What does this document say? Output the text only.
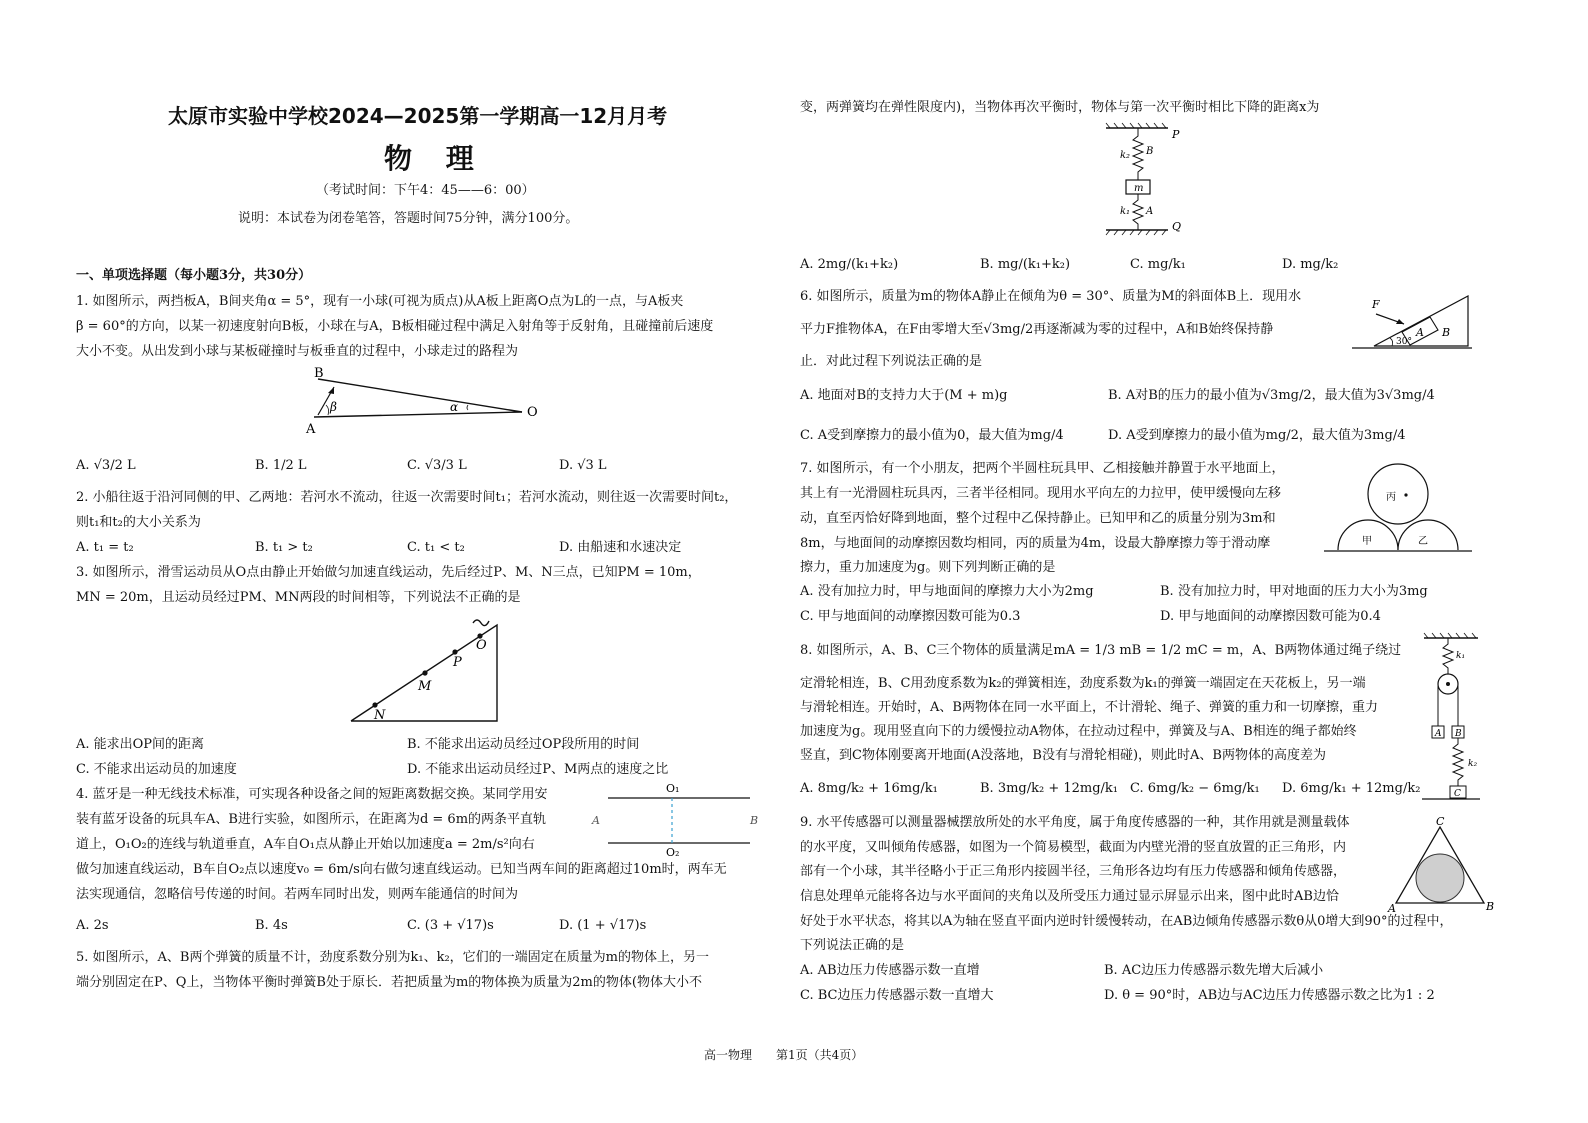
太原市实验中学校2024—2025第一学期高一12月月考
物 理
（考试时间：下午4：45——6：00）
说明：本试卷为闭卷笔答，答题时间75分钟，满分100分。
一、单项选择题（每小题3分，共30分）
1. 如图所示，两挡板A，B间夹角α = 5°，现有一小球(可视为质点)从A板上距离O点为L的一点，与A板夹
β = 60°的方向，以某一初速度射向B板，小球在与A，B板相碰过程中满足入射角等于反射角，且碰撞前后速度
大小不变。从出发到小球与某板碰撞时与板垂直的过程中，小球走过的路程为
B
A
O
β	α
A. √3/2 L	B. 1/2 L	C. √3/3 L	D. √3 L
2. 小船往返于沿河同侧的甲、乙两地：若河水不流动，往返一次需要时间t₁；若河水流动，则往返一次需要时间t₂，
则t₁和t₂的大小关系为
A. t₁ = t₂	B. t₁ > t₂	C. t₁ < t₂	D. 由船速和水速决定
3. 如图所示，滑雪运动员从O点由静止开始做匀加速直线运动，先后经过P、M、N三点，已知PM = 10m，
MN = 20m，且运动员经过PM、MN两段的时间相等，下列说法不正确的是
O
P
M
N
A. 能求出OP间的距离	B. 不能求出运动员经过OP段所用的时间
C. 不能求出运动员的加速度	D. 不能求出运动员经过P、M两点的速度之比
4. 蓝牙是一种无线技术标准，可实现各种设备之间的短距离数据交换。某同学用安
装有蓝牙设备的玩具车A、B进行实验，如图所示，在距离为d = 6m的两条平直轨
道上，O₁O₂的连线与轨道垂直，A车自O₁点从静止开始以加速度a = 2m/s²向右
做匀加速直线运动，B车自O₂点以速度v₀ = 6m/s向右做匀速直线运动。已知当两车间的距离超过10m时，两车无
法实现通信，忽略信号传递的时间。若两车同时出发，则两车能通信的时间为
O₁
O₂
A	B
A. 2s	B. 4s	C. (3 + √17)s	D. (1 + √17)s
5. 如图所示，A、B两个弹簧的质量不计，劲度系数分别为k₁、k₂，它们的一端固定在质量为m的物体上，另一
端分别固定在P、Q上，当物体平衡时弹簧B处于原长．若把质量为m的物体换为质量为2m的物体(物体大小不
变，两弹簧均在弹性限度内)，当物体再次平衡时，物体与第一次平衡时相比下降的距离x为
P
Q
B
k₂
m
A
k₁
A. 2mg/(k₁+k₂)	B. mg/(k₁+k₂)	C. mg/k₁	D. mg/k₂
6. 如图所示，质量为m的物体A静止在倾角为θ = 30°、质量为M的斜面体B上．现用水
平力F推物体A，在F由零增大至√3mg/2再逐渐减为零的过程中，A和B始终保持静
止．对此过程下列说法正确的是
F
A B
30°
A. 地面对B的支持力大于(M + m)g	B. A对B的压力的最小值为√3mg/2，最大值为3√3mg/4
C. A受到摩擦力的最小值为0，最大值为mg/4	D. A受到摩擦力的最小值为mg/2，最大值为3mg/4
7. 如图所示，有一个小朋友，把两个半圆柱玩具甲、乙相接触并静置于水平地面上，
其上有一光滑圆柱玩具丙，三者半径相同。现用水平向左的力拉甲，使甲缓慢向左移
动，直至丙恰好降到地面，整个过程中乙保持静止。已知甲和乙的质量分别为3m和
8m，与地面间的动摩擦因数均相同，丙的质量为4m，设最大静摩擦力等于滑动摩
擦力，重力加速度为g。则下列判断正确的是
丙
甲	乙
A. 没有加拉力时，甲与地面间的摩擦力大小为2mg	B. 没有加拉力时，甲对地面的压力大小为3mg
C. 甲与地面间的动摩擦因数可能为0.3	D. 甲与地面间的动摩擦因数可能为0.4
8. 如图所示，A、B、C三个物体的质量满足mA = 1/3 mB = 1/2 mC = m，A、B两物体通过绳子绕过
定滑轮相连，B、C用劲度系数为k₂的弹簧相连，劲度系数为k₁的弹簧一端固定在天花板上，另一端
与滑轮相连。开始时，A、B两物体在同一水平面上，不计滑轮、绳子、弹簧的重力和一切摩擦，重力
加速度为g。现用竖直向下的力缓慢拉动A物体，在拉动过程中，弹簧及与A、B相连的绳子都始终
竖直，到C物体刚要离开地面(A没落地，B没有与滑轮相碰)，则此时A、B两物体的高度差为
k₁
A B
k₂
C
A. 8mg/k₂ + 16mg/k₁	B. 3mg/k₂ + 12mg/k₁ C. 6mg/k₂ − 6mg/k₁ D. 6mg/k₁ + 12mg/k₂
9. 水平传感器可以测量器械摆放所处的水平角度，属于角度传感器的一种，其作用就是测量载体
的水平度，又叫倾角传感器，如图为一个简易模型，截面为内壁光滑的竖直放置的正三角形，内
部有一个小球，其半径略小于正三角形内接圆半径，三角形各边均有压力传感器和倾角传感器，
信息处理单元能将各边与水平面间的夹角以及所受压力通过显示屏显示出来，图中此时AB边恰
好处于水平状态，将其以A为轴在竖直平面内逆时针缓慢转动，在AB边倾角传感器示数θ从0增大到90°的过程中，
下列说法正确的是
A	B
C
A. AB边压力传感器示数一直增	B. AC边压力传感器示数先增大后减小
C. BC边压力传感器示数一直增大	D. θ = 90°时，AB边与AC边压力传感器示数之比为1 : 2
高一物理 第1页（共4页）
